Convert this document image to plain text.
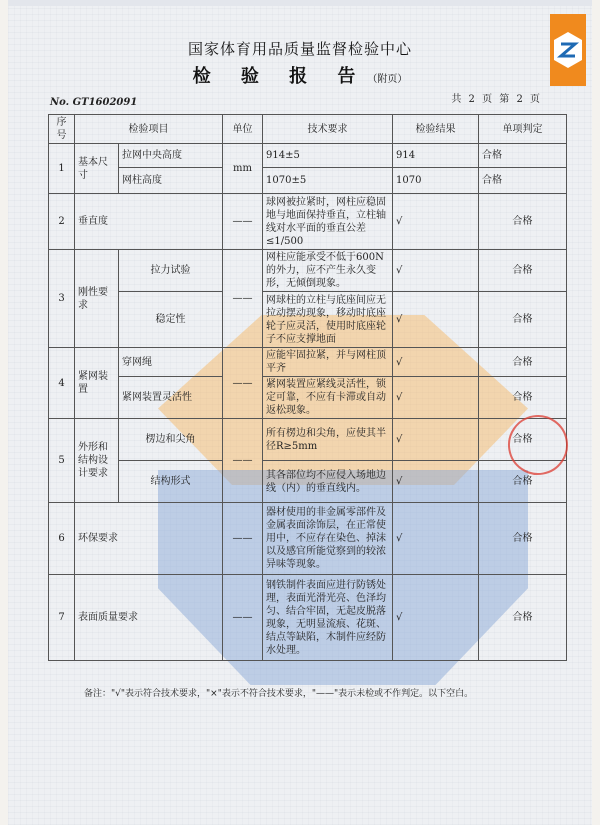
国家体育用品质量监督检验中心
检 验 报 告（附页）
No. GT1602091	共 2 页 第 2 页
序号	检验项目		单位	技术要求	检验结果	单项判定
1	基本尺寸	拉网中央高度	mm	914±5	914	合格
		网柱高度		1070±5	1070	合格
2	垂直度		——	球网被拉紧时，网柱应稳固地与地面保持垂直，立柱轴线对水平面的垂直公差≤1/500	√	合格
3	刚性要求	拉力试验	——	网柱应能承受不低于600N的外力，应不产生永久变形，无倾倒现象。	√	合格
		稳定性		网球柱的立柱与底座间应无拉动摆动现象，移动时底座轮子应灵活，使用时底座轮子不应支撑地面	√	合格
4	紧网装置	穿网绳	——	应能牢固拉紧，并与网柱顶平齐	√	合格
		紧网装置灵活性		紧网装置应紧线灵活性，锁定可靠，不应有卡滞或自动返松现象。	√	合格
5	外形和结构设计要求	楞边和尖角	——	所有楞边和尖角，应使其半径R≥5mm	√	合格
		结构形式		其各部位均不应侵入场地边线（内）的垂直线内。	√	合格
6	环保要求		——	器材使用的非金属零部件及金属表面涂饰层，在正常使用中，不应存在染色、掉沫以及感官所能觉察到的较浓异味等现象。	√	合格
7	表面质量要求		——	钢铁制件表面应进行防锈处理，表面光滑光亮、色泽均匀、结合牢固，无起皮脱落现象，无明显流痕、花斑、结点等缺陷，木制件应经防水处理。	√	合格
备注："√"表示符合技术要求，"×"表示不符合技术要求，"——"表示未检或不作判定。以下空白。
